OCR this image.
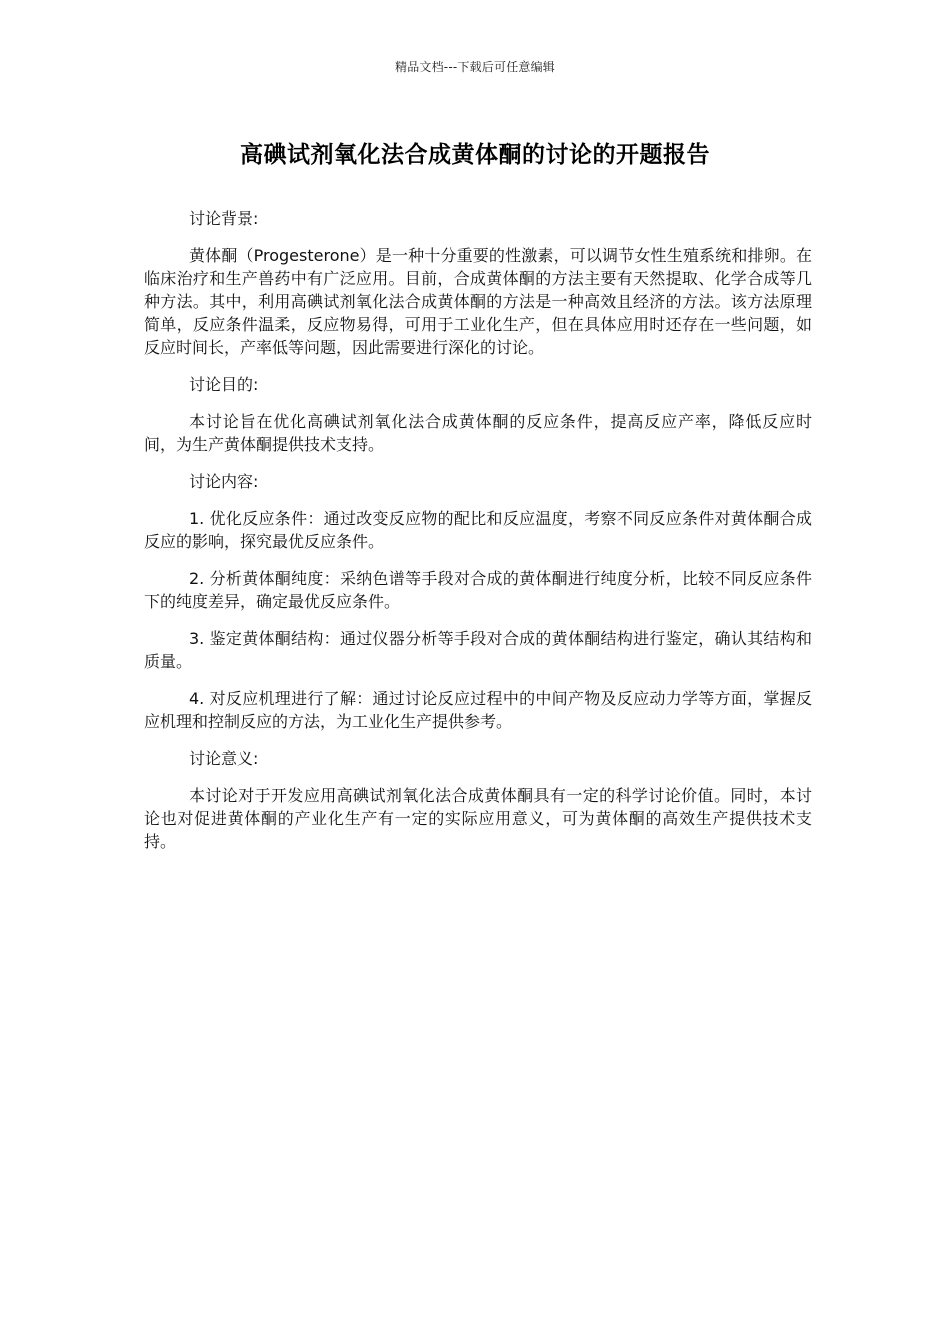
精品文档---下载后可任意编辑
高碘试剂氧化法合成黄体酮的讨论的开题报告

讨论背景:

黄体酮（Progesterone）是一种十分重要的性激素，可以调节女性生殖系统和排卵。在临床治疗和生产兽药中有广泛应用。目前，合成黄体酮的方法主要有天然提取、化学合成等几种方法。其中，利用高碘试剂氧化法合成黄体酮的方法是一种高效且经济的方法。该方法原理简单，反应条件温柔，反应物易得，可用于工业化生产，但在具体应用时还存在一些问题，如反应时间长，产率低等问题，因此需要进行深化的讨论。

讨论目的:

本讨论旨在优化高碘试剂氧化法合成黄体酮的反应条件，提高反应产率，降低反应时间，为生产黄体酮提供技术支持。

讨论内容:

1. 优化反应条件：通过改变反应物的配比和反应温度，考察不同反应条件对黄体酮合成反应的影响，探究最优反应条件。

2. 分析黄体酮纯度：采纳色谱等手段对合成的黄体酮进行纯度分析，比较不同反应条件下的纯度差异，确定最优反应条件。

3. 鉴定黄体酮结构：通过仪器分析等手段对合成的黄体酮结构进行鉴定，确认其结构和质量。

4. 对反应机理进行了解：通过讨论反应过程中的中间产物及反应动力学等方面，掌握反应机理和控制反应的方法，为工业化生产提供参考。

讨论意义:

本讨论对于开发应用高碘试剂氧化法合成黄体酮具有一定的科学讨论价值。同时，本讨论也对促进黄体酮的产业化生产有一定的实际应用意义，可为黄体酮的高效生产提供技术支持。
